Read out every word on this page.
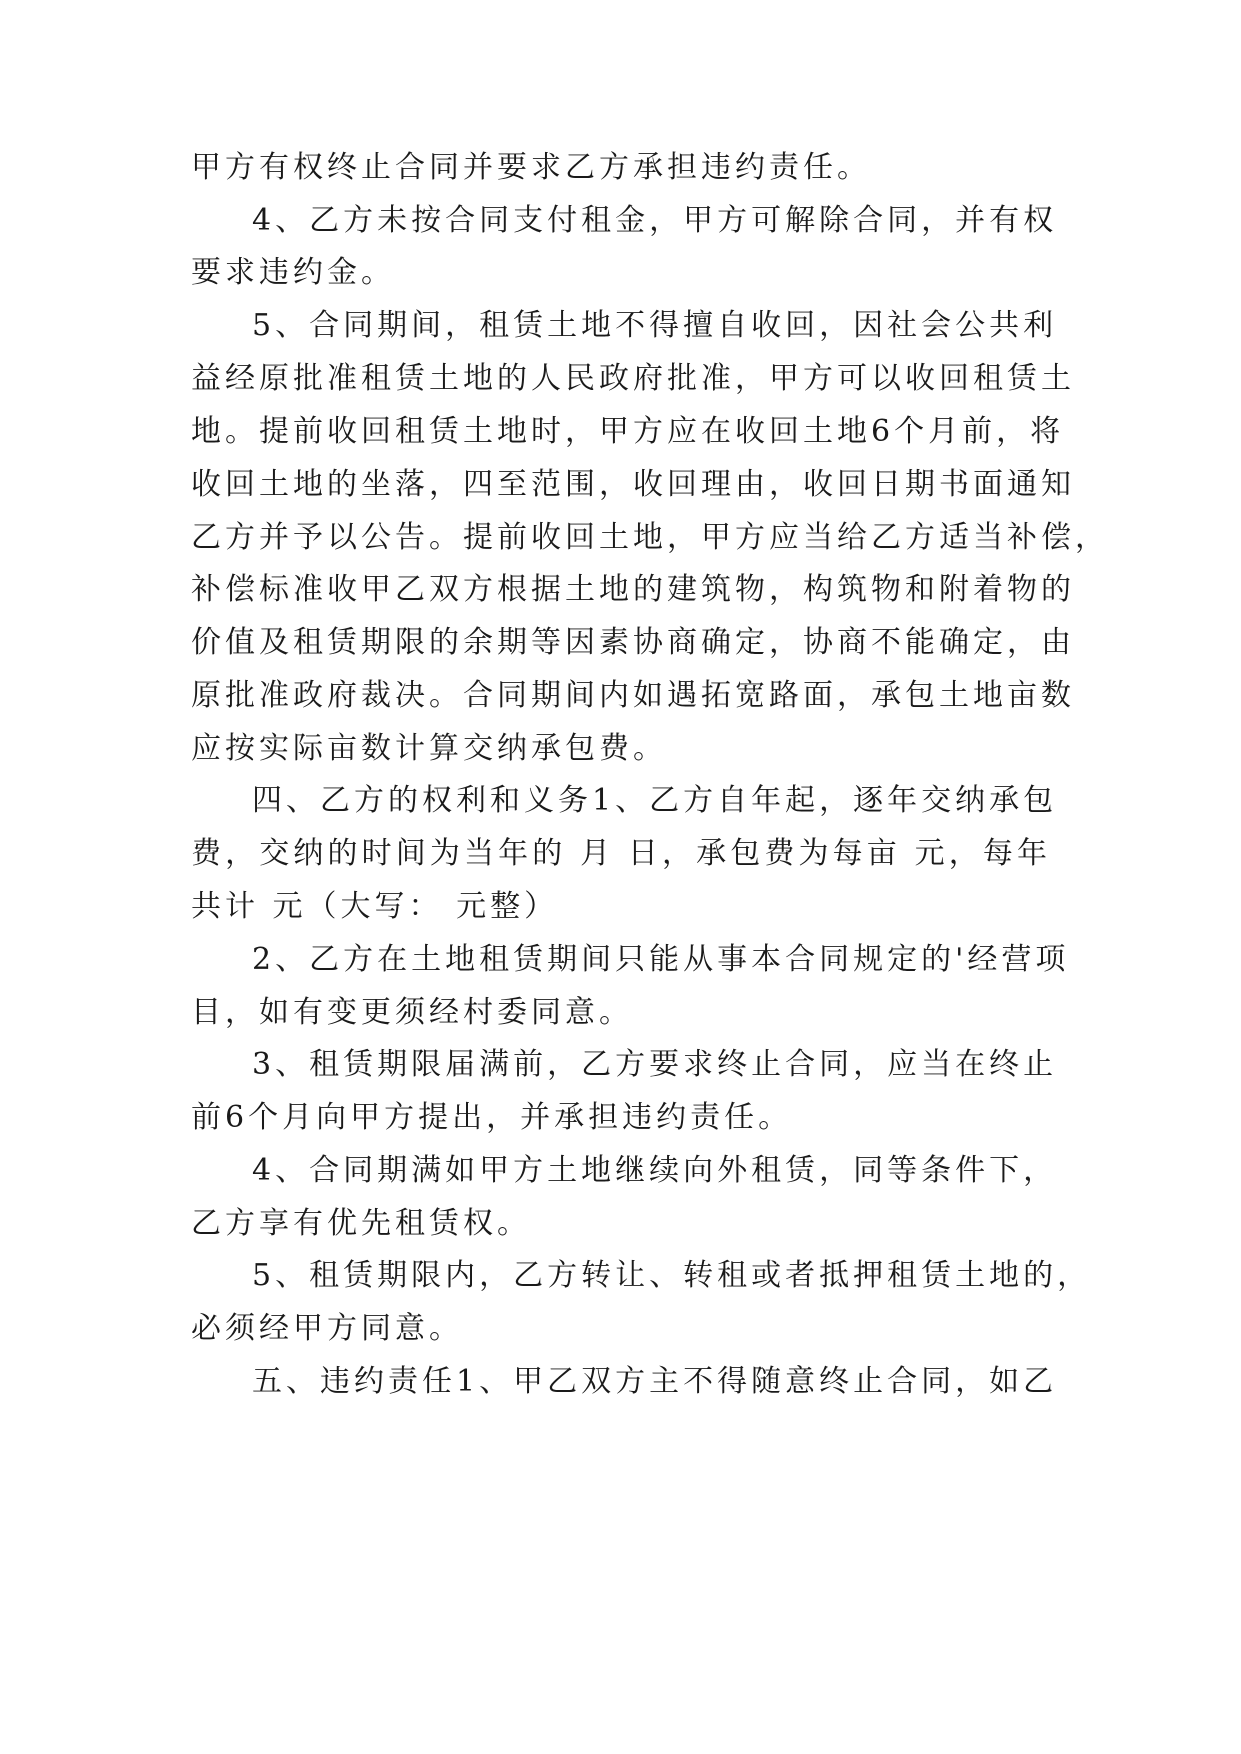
甲方有权终止合同并要求乙方承担违约责任。
4、乙方未按合同支付租金，甲方可解除合同，并有权
要求违约金。
5、合同期间，租赁土地不得擅自收回，因社会公共利
益经原批准租赁土地的人民政府批准，甲方可以收回租赁土
地。提前收回租赁土地时，甲方应在收回土地6个月前，将
收回土地的坐落，四至范围，收回理由，收回日期书面通知
乙方并予以公告。提前收回土地，甲方应当给乙方适当补偿，
补偿标准收甲乙双方根据土地的建筑物，构筑物和附着物的
价值及租赁期限的余期等因素协商确定，协商不能确定，由
原批准政府裁决。合同期间内如遇拓宽路面，承包土地亩数
应按实际亩数计算交纳承包费。
四、乙方的权利和义务1、乙方自年起，逐年交纳承包
费，交纳的时间为当年的 月 日，承包费为每亩 元，每年
共计 元（大写： 元整）
2、乙方在土地租赁期间只能从事本合同规定的'经营项
目，如有变更须经村委同意。
3、租赁期限届满前，乙方要求终止合同，应当在终止
前6个月向甲方提出，并承担违约责任。
4、合同期满如甲方土地继续向外租赁，同等条件下，
乙方享有优先租赁权。
5、租赁期限内，乙方转让、转租或者抵押租赁土地的，
必须经甲方同意。
五、违约责任1、甲乙双方主不得随意终止合同，如乙
